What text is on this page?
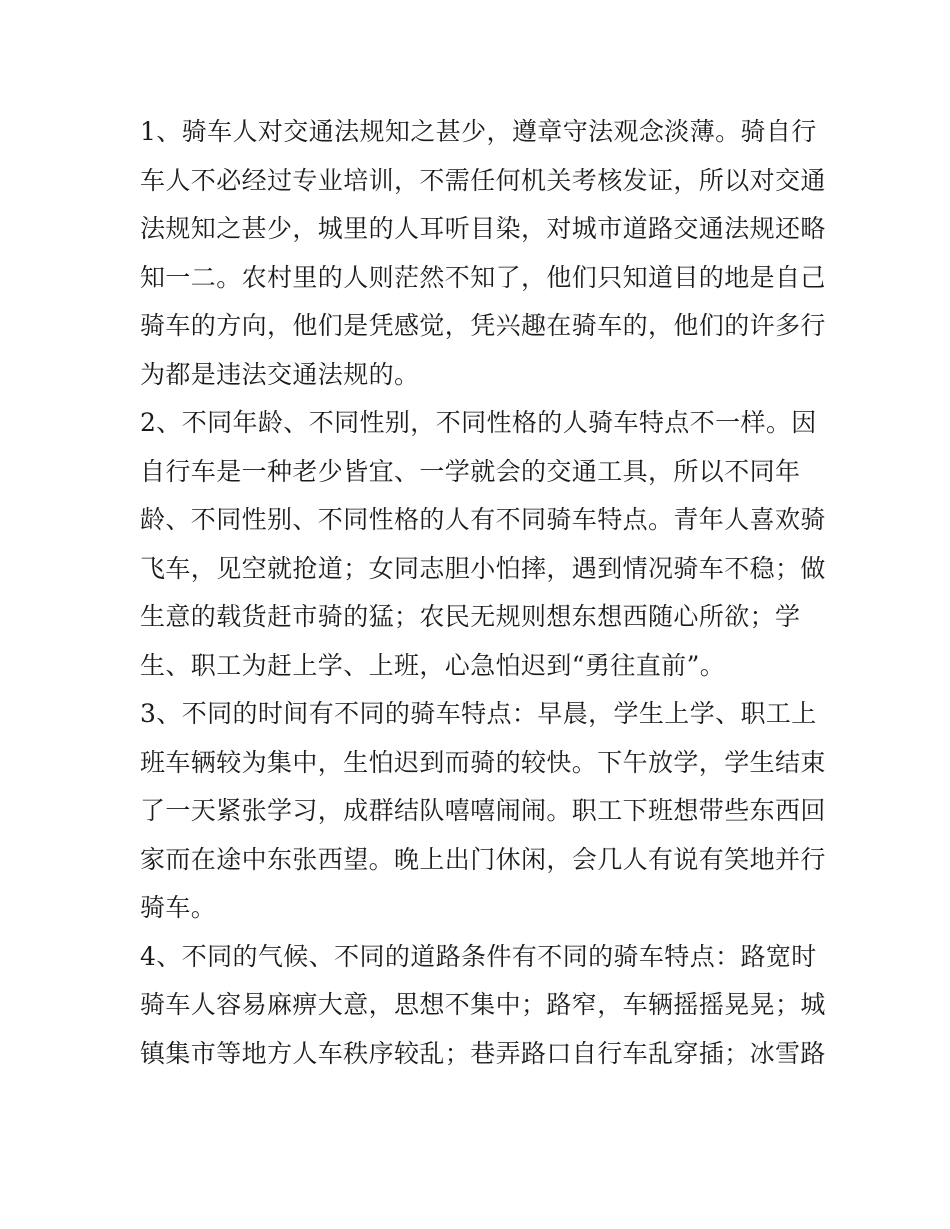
1、骑车人对交通法规知之甚少，遵章守法观念淡薄。骑自行
车人不必经过专业培训，不需任何机关考核发证，所以对交通
法规知之甚少，城里的人耳听目染，对城市道路交通法规还略
知一二。农村里的人则茫然不知了，他们只知道目的地是自己
骑车的方向，他们是凭感觉，凭兴趣在骑车的，他们的许多行
为都是违法交通法规的。

2、不同年龄、不同性别，不同性格的人骑车特点不一样。因
自行车是一种老少皆宜、一学就会的交通工具，所以不同年
龄、不同性别、不同性格的人有不同骑车特点。青年人喜欢骑
飞车，见空就抢道；女同志胆小怕摔，遇到情况骑车不稳；做
生意的载货赶市骑的猛；农民无规则想东想西随心所欲；学
生、职工为赶上学、上班，心急怕迟到“勇往直前”。

3、不同的时间有不同的骑车特点：早晨，学生上学、职工上
班车辆较为集中，生怕迟到而骑的较快。下午放学，学生结束
了一天紧张学习，成群结队嘻嘻闹闹。职工下班想带些东西回
家而在途中东张西望。晚上出门休闲，会几人有说有笑地并行
骑车。

4、不同的气候、不同的道路条件有不同的骑车特点：路宽时
骑车人容易麻痹大意，思想不集中；路窄，车辆摇摇晃晃；城
镇集市等地方人车秩序较乱；巷弄路口自行车乱穿插；冰雪路
